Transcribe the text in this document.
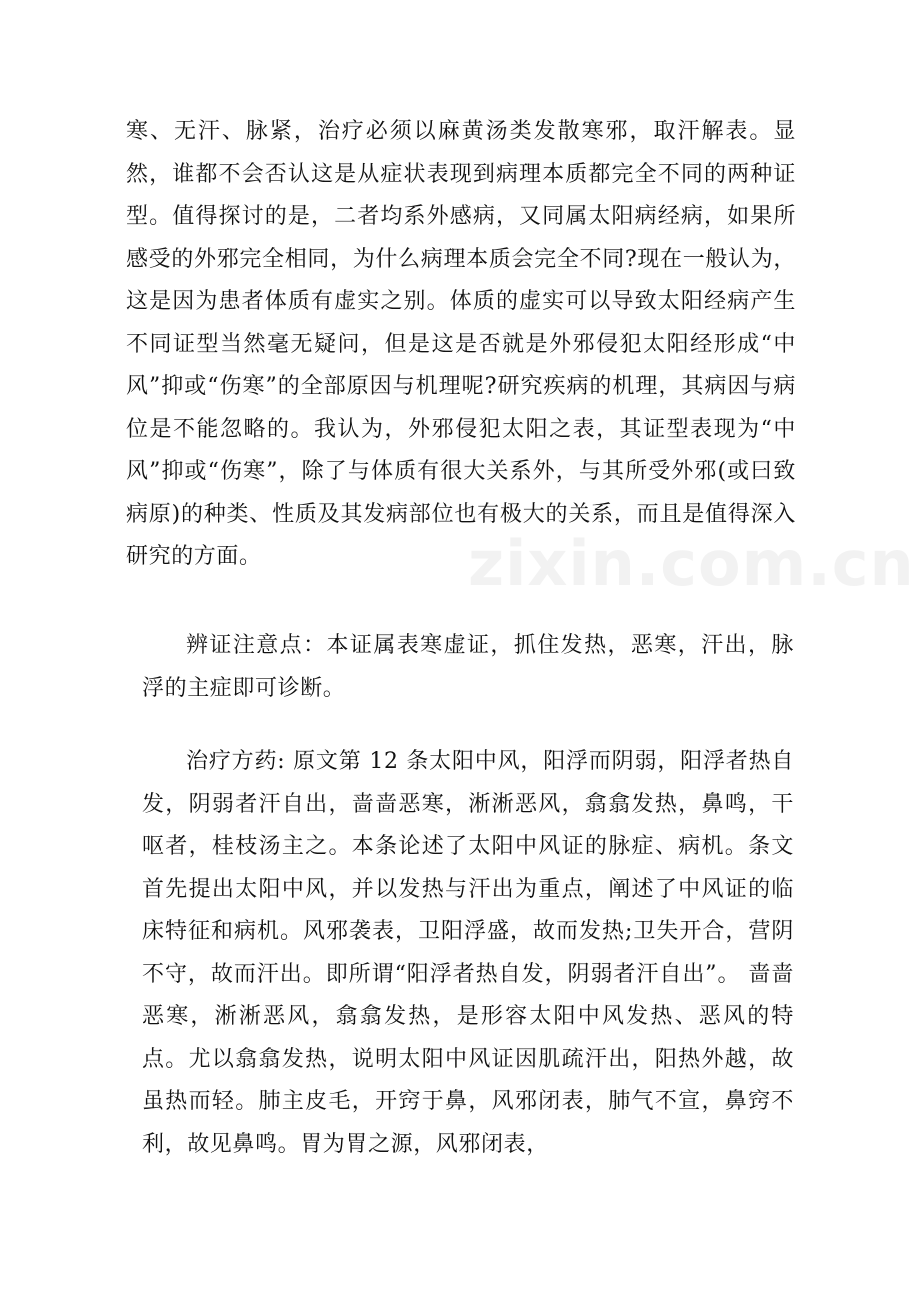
zixin.com.cn

寒、无汗、脉紧，治疗必须以麻黄汤类发散寒邪，取汗解表。显然，谁都不会否认这是从症状表现到病理本质都完全不同的两种证型。值得探讨的是，二者均系外感病，又同属太阳病经病，如果所感受的外邪完全相同，为什么病理本质会完全不同?现在一般认为，这是因为患者体质有虚实之别。体质的虚实可以导致太阳经病产生不同证型当然毫无疑问，但是这是否就是外邪侵犯太阳经形成“中风”抑或“伤寒”的全部原因与机理呢?研究疾病的机理，其病因与病位是不能忽略的。我认为，外邪侵犯太阳之表，其证型表现为“中风”抑或“伤寒”，除了与体质有很大关系外，与其所受外邪(或曰致病原)的种类、性质及其发病部位也有极大的关系，而且是值得深入研究的方面。

辨证注意点：本证属表寒虚证，抓住发热，恶寒，汗出，脉浮的主症即可诊断。

治疗方药: 原文第 12 条太阳中风，阳浮而阴弱，阳浮者热自发，阴弱者汗自出，啬啬恶寒，淅淅恶风，翕翕发热，鼻鸣，干呕者，桂枝汤主之。本条论述了太阳中风证的脉症、病机。条文首先提出太阳中风，并以发热与汗出为重点，阐述了中风证的临床特征和病机。风邪袭表，卫阳浮盛，故而发热;卫失开合，营阴不守，故而汗出。即所谓“阳浮者热自发，阴弱者汗自出”。 啬啬恶寒，淅淅恶风，翕翕发热，是形容太阳中风发热、恶风的特点。尤以翕翕发热，说明太阳中风证因肌疏汗出，阳热外越，故虽热而轻。肺主皮毛，开窍于鼻，风邪闭表，肺气不宣，鼻窍不利，故见鼻鸣。胃为胃之源，风邪闭表，
